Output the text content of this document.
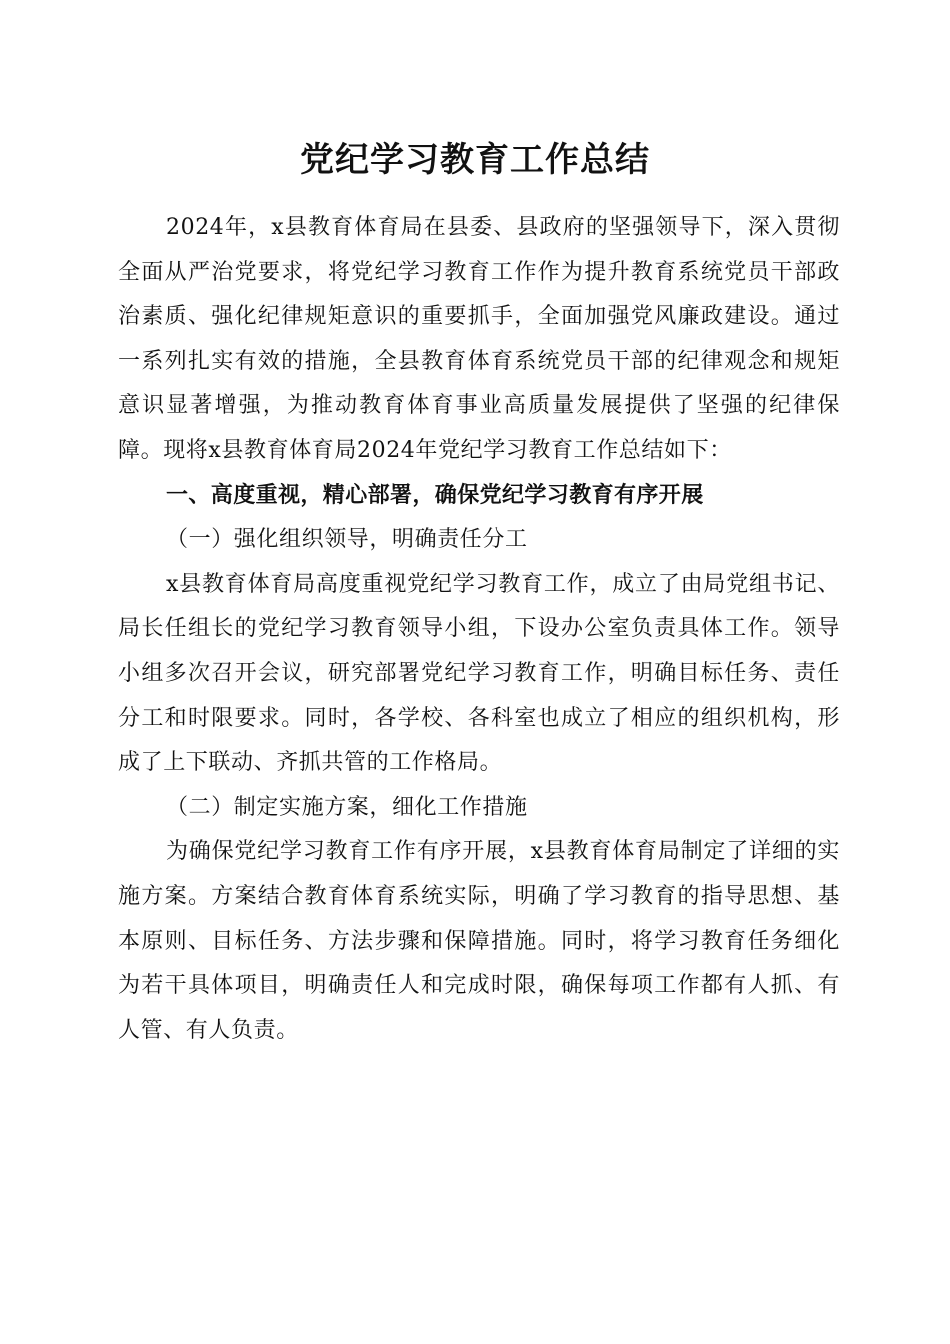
党纪学习教育工作总结

2024年，x县教育体育局在县委、县政府的坚强领导下，深入贯彻全面从严治党要求，将党纪学习教育工作作为提升教育系统党员干部政治素质、强化纪律规矩意识的重要抓手，全面加强党风廉政建设。通过一系列扎实有效的措施，全县教育体育系统党员干部的纪律观念和规矩意识显著增强，为推动教育体育事业高质量发展提供了坚强的纪律保障。现将x县教育体育局2024年党纪学习教育工作总结如下：

一、高度重视，精心部署，确保党纪学习教育有序开展

（一）强化组织领导，明确责任分工

x县教育体育局高度重视党纪学习教育工作，成立了由局党组书记、局长任组长的党纪学习教育领导小组，下设办公室负责具体工作。领导小组多次召开会议，研究部署党纪学习教育工作，明确目标任务、责任分工和时限要求。同时，各学校、各科室也成立了相应的组织机构，形成了上下联动、齐抓共管的工作格局。

（二）制定实施方案，细化工作措施

为确保党纪学习教育工作有序开展，x县教育体育局制定了详细的实施方案。方案结合教育体育系统实际，明确了学习教育的指导思想、基本原则、目标任务、方法步骤和保障措施。同时，将学习教育任务细化为若干具体项目，明确责任人和完成时限，确保每项工作都有人抓、有人管、有人负责。
